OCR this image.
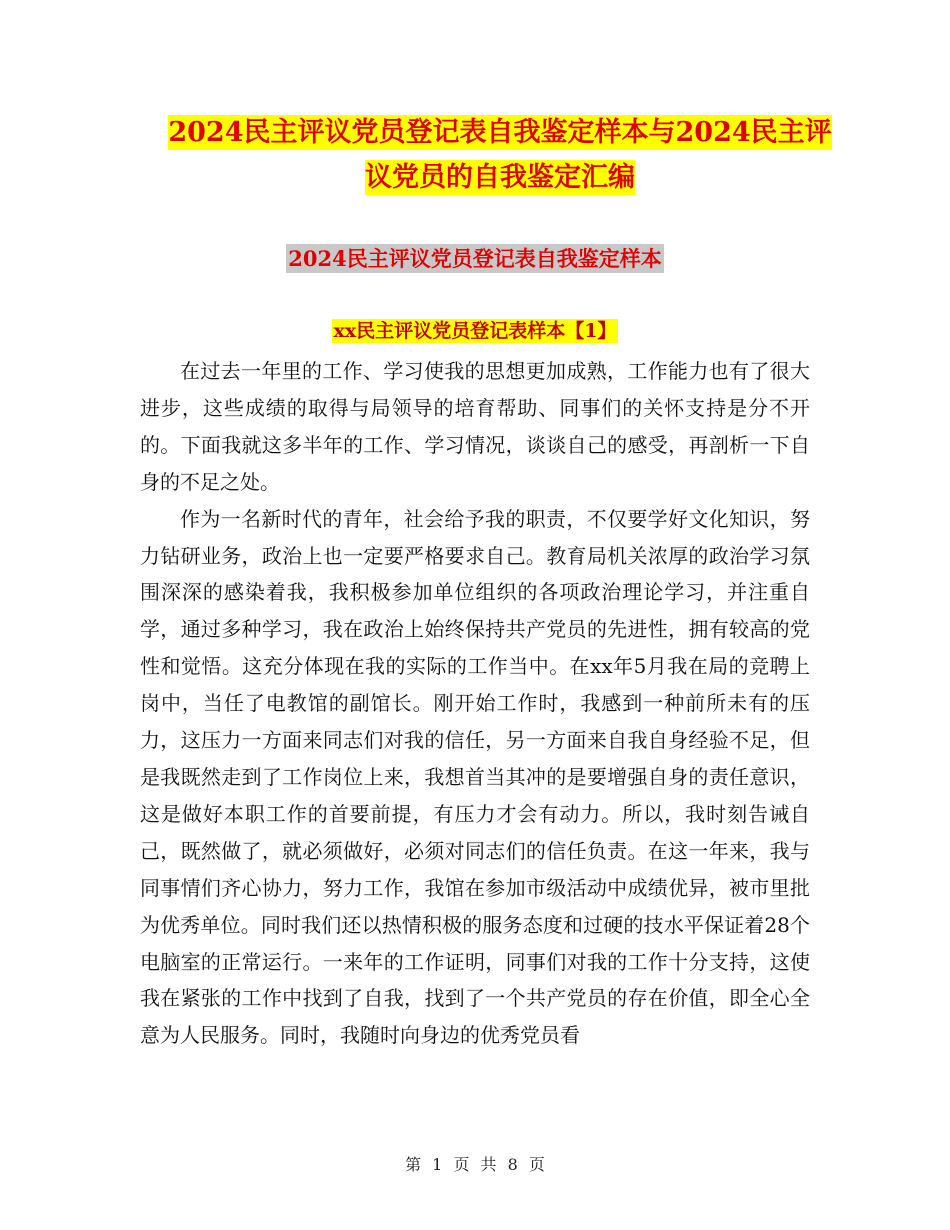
2024民主评议党员登记表自我鉴定样本与2024民主评
议党员的自我鉴定汇编
2024民主评议党员登记表自我鉴定样本
xx民主评议党员登记表样本【1】

在过去一年里的工作、学习使我的思想更加成熟，工作能力也有了很大进步，这些成绩的取得与局领导的培育帮助、同事们的关怀支持是分不开的。下面我就这多半年的工作、学习情况，谈谈自己的感受，再剖析一下自身的不足之处。

作为一名新时代的青年，社会给予我的职责，不仅要学好文化知识，努力钻研业务，政治上也一定要严格要求自己。教育局机关浓厚的政治学习氛围深深的感染着我，我积极参加单位组织的各项政治理论学习，并注重自学，通过多种学习，我在政治上始终保持共产党员的先进性，拥有较高的党性和觉悟。这充分体现在我的实际的工作当中。在xx年5月我在局的竞聘上岗中，当任了电教馆的副馆长。刚开始工作时，我感到一种前所未有的压力，这压力一方面来同志们对我的信任，另一方面来自我自身经验不足，但是我既然走到了工作岗位上来，我想首当其冲的是要增强自身的责任意识，这是做好本职工作的首要前提，有压力才会有动力。所以，我时刻告诫自己，既然做了，就必须做好，必须对同志们的信任负责。在这一年来，我与同事情们齐心协力，努力工作，我馆在参加市级活动中成绩优异，被市里批为优秀单位。同时我们还以热情积极的服务态度和过硬的技水平保证着28个电脑室的正常运行。一来年的工作证明，同事们对我的工作十分支持，这使我在紧张的工作中找到了自我，找到了一个共产党员的存在价值，即全心全意为人民服务。同时，我随时向身边的优秀党员看

第 1 页 共 8 页
